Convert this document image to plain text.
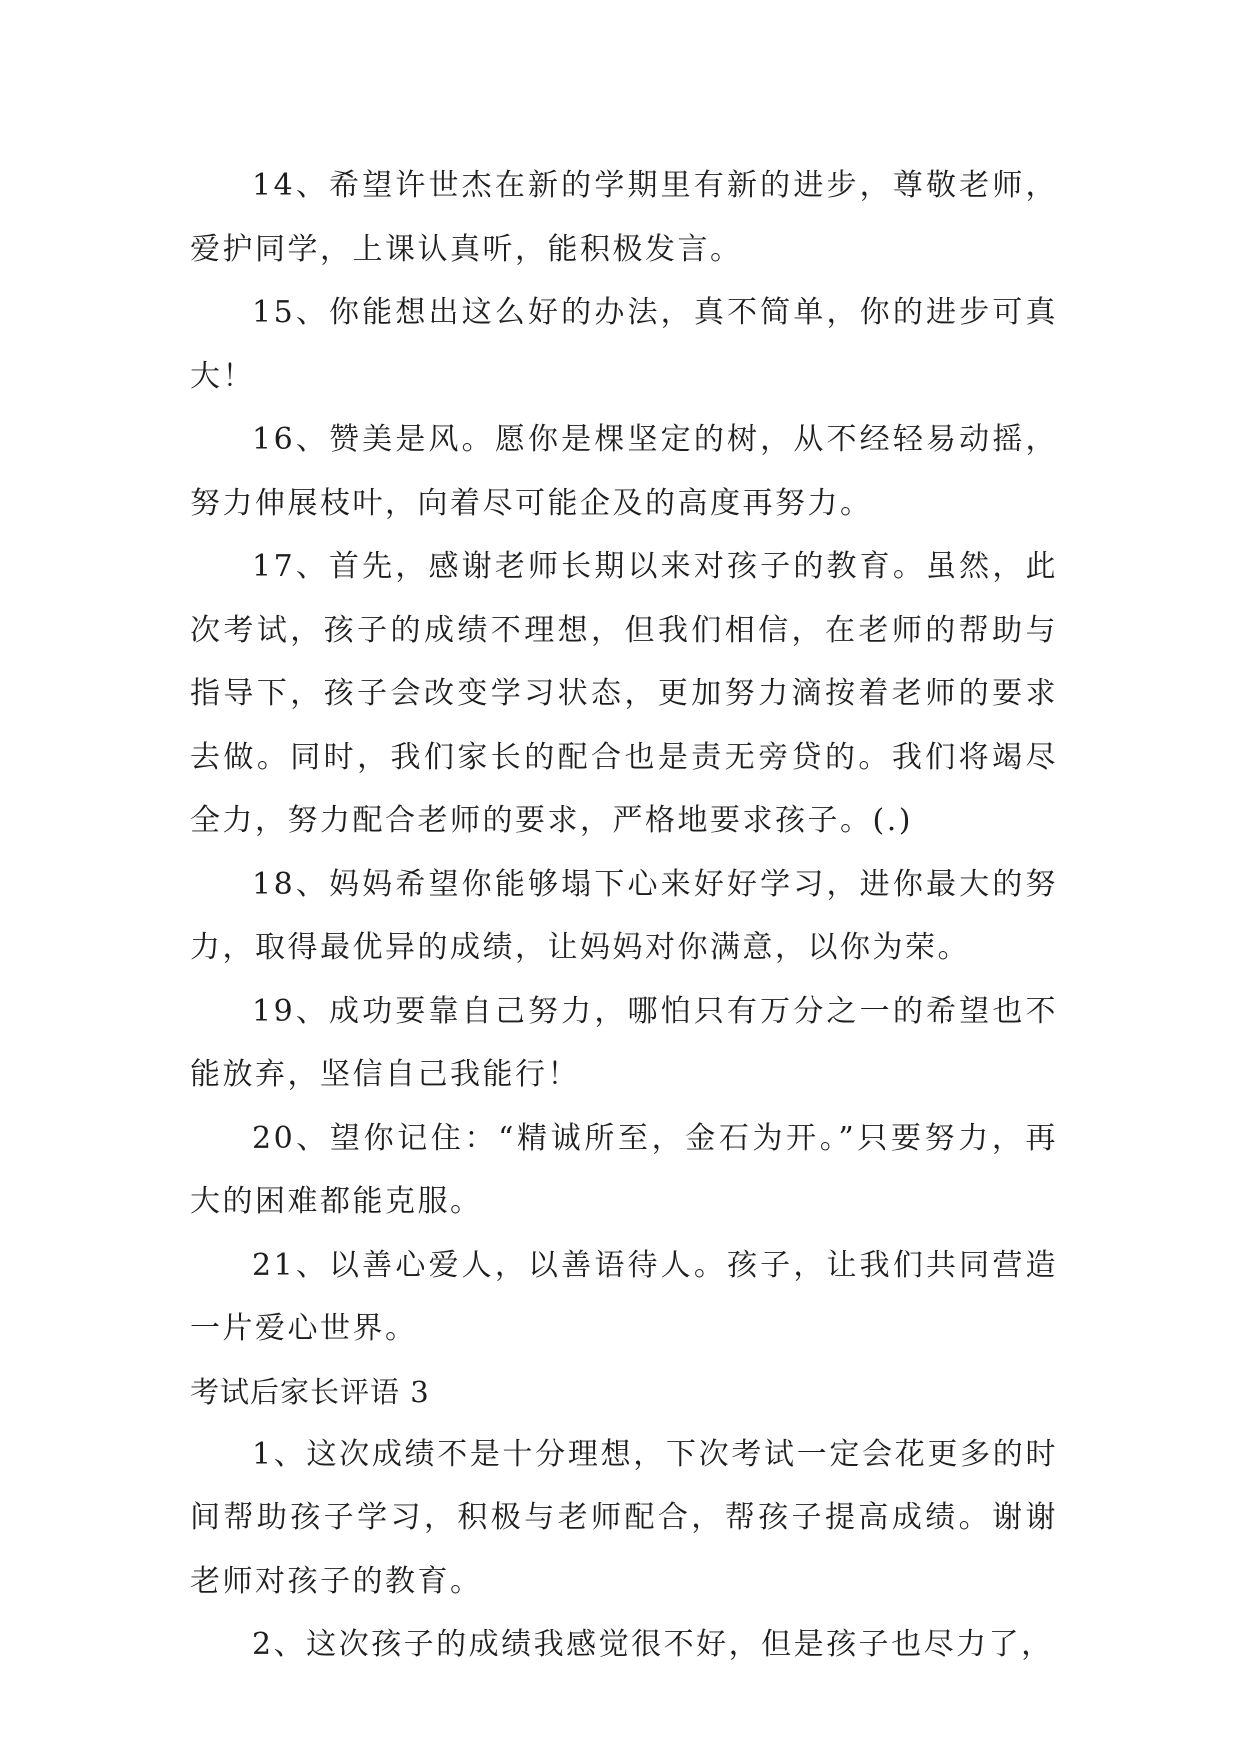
14、希望许世杰在新的学期里有新的进步，尊敬老师，爱护同学，上课认真听，能积极发言。

15、你能想出这么好的办法，真不简单，你的进步可真大！

16、赞美是风。愿你是棵坚定的树，从不经轻易动摇，努力伸展枝叶，向着尽可能企及的高度再努力。

17、首先，感谢老师长期以来对孩子的教育。虽然，此次考试，孩子的成绩不理想，但我们相信，在老师的帮助与指导下，孩子会改变学习状态，更加努力滴按着老师的要求去做。同时，我们家长的配合也是责无旁贷的。我们将竭尽全力，努力配合老师的要求，严格地要求孩子。(.)

18、妈妈希望你能够塌下心来好好学习，进你最大的努力，取得最优异的成绩，让妈妈对你满意，以你为荣。

19、成功要靠自己努力，哪怕只有万分之一的希望也不能放弃，坚信自己我能行！

20、望你记住：“精诚所至，金石为开。”只要努力，再大的困难都能克服。

21、以善心爱人，以善语待人。孩子，让我们共同营造一片爱心世界。

考试后家长评语 3

1、这次成绩不是十分理想，下次考试一定会花更多的时间帮助孩子学习，积极与老师配合，帮孩子提高成绩。谢谢老师对孩子的教育。

2、这次孩子的成绩我感觉很不好，但是孩子也尽力了，
